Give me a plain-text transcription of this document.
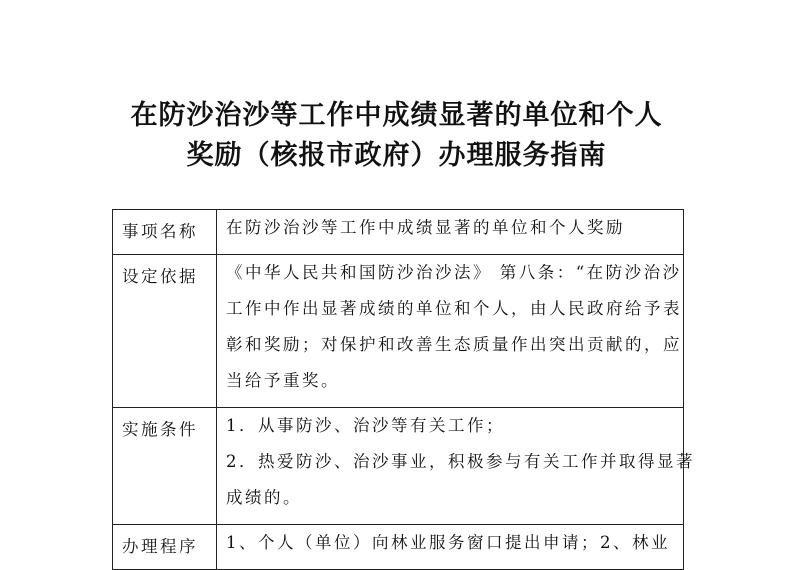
在防沙治沙等工作中成绩显著的单位和个人
奖励（核报市政府）办理服务指南
事项名称	在防沙治沙等工作中成绩显著的单位和个人奖励

设定依据	《中华人民共和国防沙治沙法》 第八条：“在防沙治沙
工作中作出显著成绩的单位和个人，由人民政府给予表
彰和奖励；对保护和改善生态质量作出突出贡献的，应
当给予重奖。

实施条件	1．从事防沙、治沙等有关工作；
2．热爱防沙、治沙事业，积极参与有关工作并取得显著
成绩的。

办理程序	1、个人（单位）向林业服务窗口提出申请；2、林业
